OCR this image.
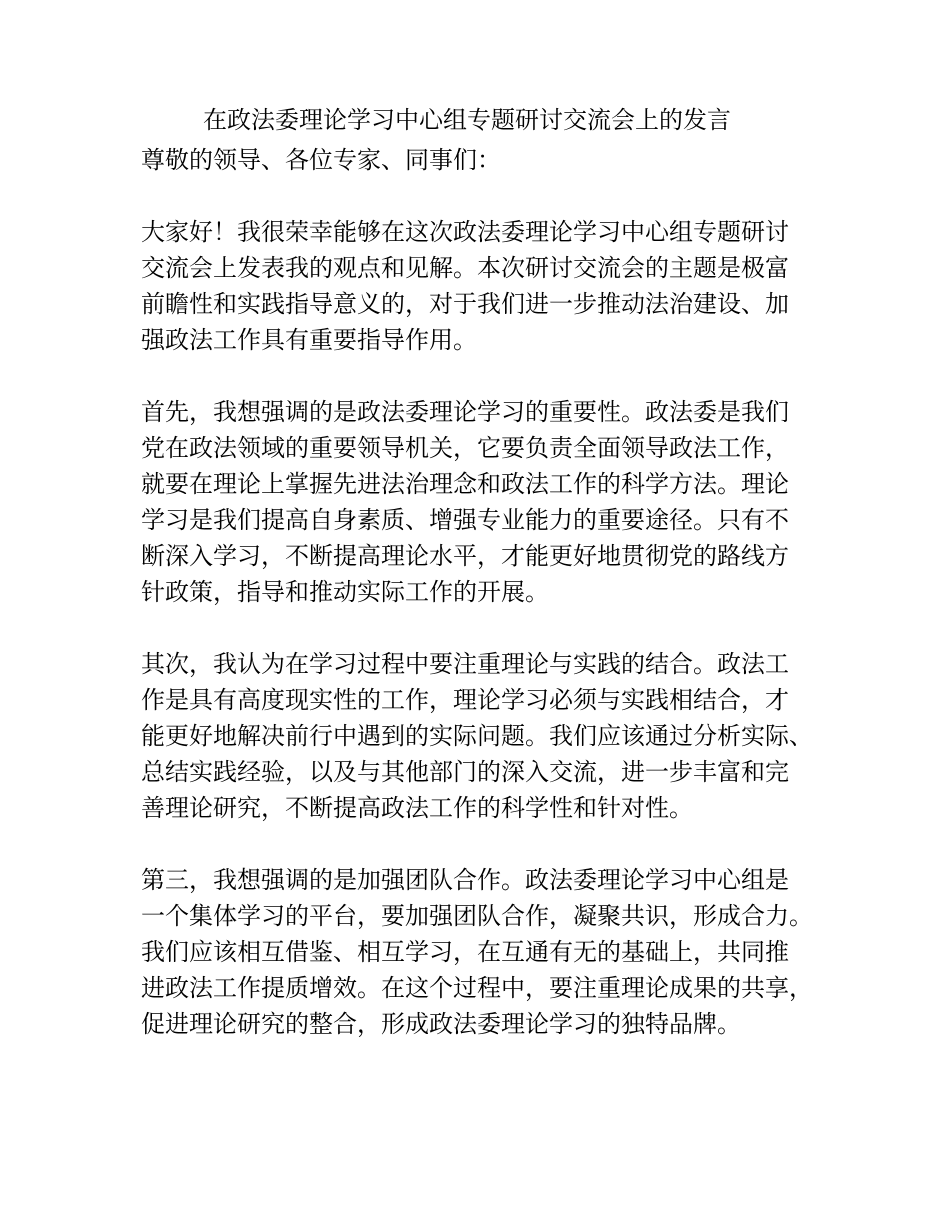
在政法委理论学习中心组专题研讨交流会上的发言

尊敬的领导、各位专家、同事们：

大家好！我很荣幸能够在这次政法委理论学习中心组专题研讨
交流会上发表我的观点和见解。本次研讨交流会的主题是极富
前瞻性和实践指导意义的，对于我们进一步推动法治建设、加
强政法工作具有重要指导作用。
首先，我想强调的是政法委理论学习的重要性。政法委是我们
党在政法领域的重要领导机关，它要负责全面领导政法工作，
就要在理论上掌握先进法治理念和政法工作的科学方法。理论
学习是我们提高自身素质、增强专业能力的重要途径。只有不
断深入学习，不断提高理论水平，才能更好地贯彻党的路线方
针政策，指导和推动实际工作的开展。
其次，我认为在学习过程中要注重理论与实践的结合。政法工
作是具有高度现实性的工作，理论学习必须与实践相结合，才
能更好地解决前行中遇到的实际问题。我们应该通过分析实际、
总结实践经验，以及与其他部门的深入交流，进一步丰富和完
善理论研究，不断提高政法工作的科学性和针对性。
第三，我想强调的是加强团队合作。政法委理论学习中心组是
一个集体学习的平台，要加强团队合作，凝聚共识，形成合力。
我们应该相互借鉴、相互学习，在互通有无的基础上，共同推
进政法工作提质增效。在这个过程中，要注重理论成果的共享，
促进理论研究的整合，形成政法委理论学习的独特品牌。
